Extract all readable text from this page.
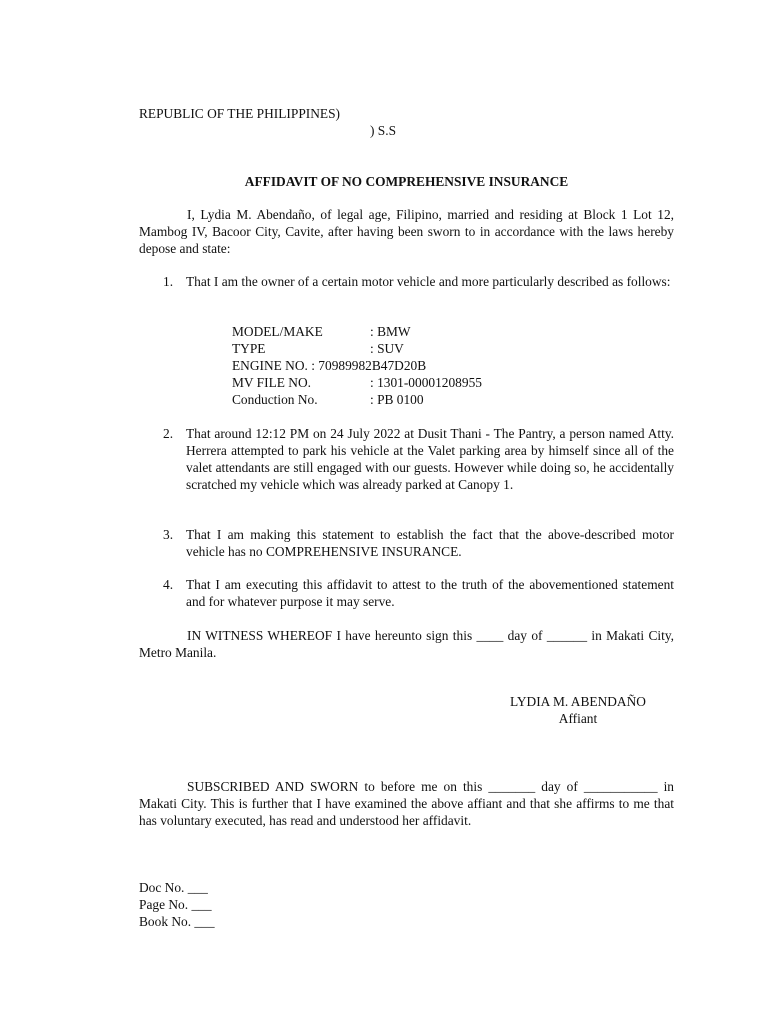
REPUBLIC OF THE PHILIPPINES)
) S.S
AFFIDAVIT OF NO COMPREHENSIVE INSURANCE
I, Lydia M. Abendaño, of legal age, Filipino, married and residing at Block 1 Lot 12, Mambog IV, Bacoor City, Cavite, after having been sworn to in accordance with the laws hereby depose and state:
1. That I am the owner of a certain motor vehicle and more particularly described as follows:
MODEL/MAKE	: BMW
TYPE	: SUV
ENGINE NO. : 70989982B47D20B
MV FILE NO.	: 1301-00001208955
Conduction No.	: PB 0100
2. That around 12:12 PM on 24 July 2022 at Dusit Thani - The Pantry, a person named Atty. Herrera attempted to park his vehicle at the Valet parking area by himself since all of the valet attendants are still engaged with our guests. However while doing so, he accidentally scratched my vehicle which was already parked at Canopy 1.
3. That I am making this statement to establish the fact that the above-described motor vehicle has no COMPREHENSIVE INSURANCE.
4. That I am executing this affidavit to attest to the truth of the abovementioned statement and for whatever purpose it may serve.
IN WITNESS WHEREOF I have hereunto sign this ____ day of ______ in Makati City, Metro Manila.
LYDIA M. ABENDAÑO
Affiant
SUBSCRIBED AND SWORN to before me on this _______ day of ___________ in Makati City. This is further that I have examined the above affiant and that she affirms to me that has voluntary executed, has read and understood her affidavit.
Doc No. ___
Page No. ___
Book No. ___
